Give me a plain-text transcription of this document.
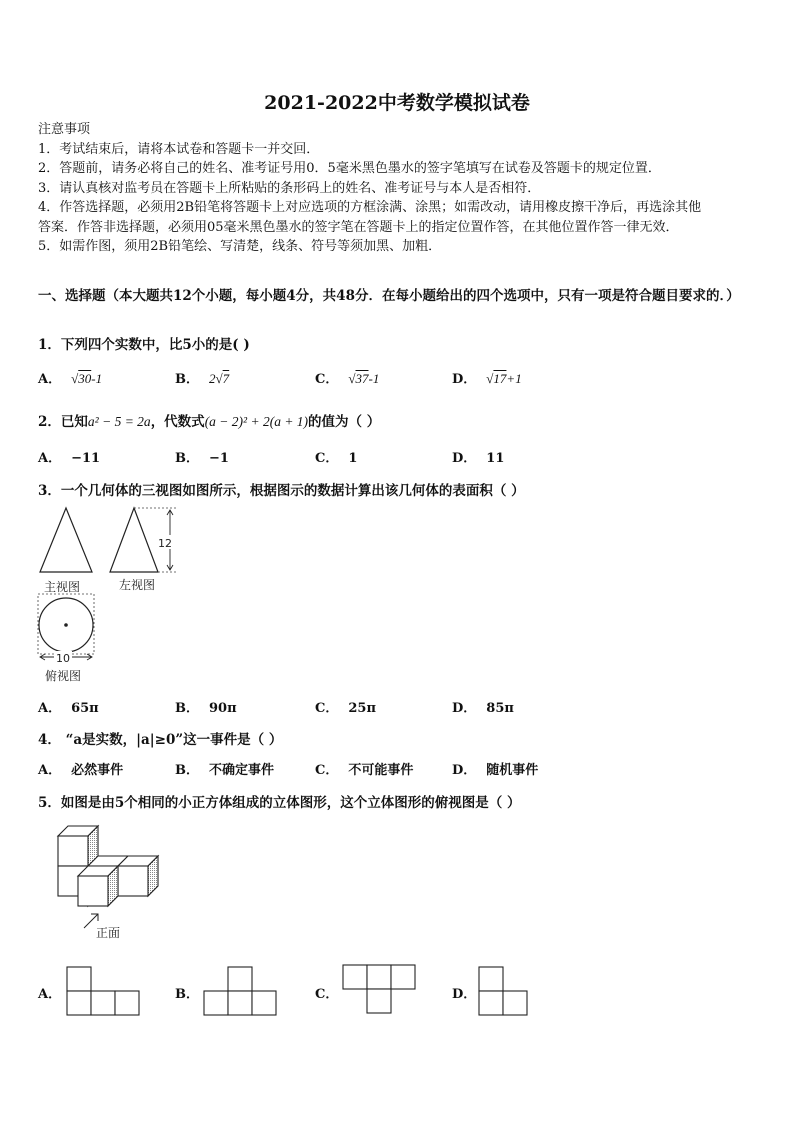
2021-2022中考数学模拟试卷
注意事项
1．考试结束后，请将本试卷和答题卡一并交回．
2．答题前，请务必将自己的姓名、准考证号用0．5毫米黑色墨水的签字笔填写在试卷及答题卡的规定位置．
3．请认真核对监考员在答题卡上所粘贴的条形码上的姓名、准考证号与本人是否相符．
4．作答选择题，必须用2B铅笔将答题卡上对应选项的方框涂满、涂黑；如需改动，请用橡皮擦干净后，再选涂其他
答案．作答非选择题，必须用05毫米黑色墨水的签字笔在答题卡上的指定位置作答，在其他位置作答一律无效．
5．如需作图，须用2B铅笔绘、写清楚，线条、符号等须加黑、加粗．
一、选择题（本大题共12个小题，每小题4分，共48分．在每小题给出的四个选项中，只有一项是符合题目要求的．）
1．下列四个实数中，比5小的是( )
A． √30-1	B． 2√7	C． √37-1	D． √17+1
2．已知a² − 5 = 2a，代数式(a − 2)² + 2(a + 1)的值为（ ）
A． −11	B． −1	C． 1	D． 11
3．一个几何体的三视图如图所示，根据图示的数据计算出该几何体的表面积（ ）
12
主视图	左视图
10
俯视图
A． 65π	B． 90π	C． 25π	D． 85π
4． “a是实数，|a|≥0”这一事件是（ ）
A． 必然事件	B． 不确定事件	C． 不可能事件	D． 随机事件
5．如图是由5个相同的小正方体组成的立体图形，这个立体图形的俯视图是（ ）
正面
A．	B．	C．	D．
